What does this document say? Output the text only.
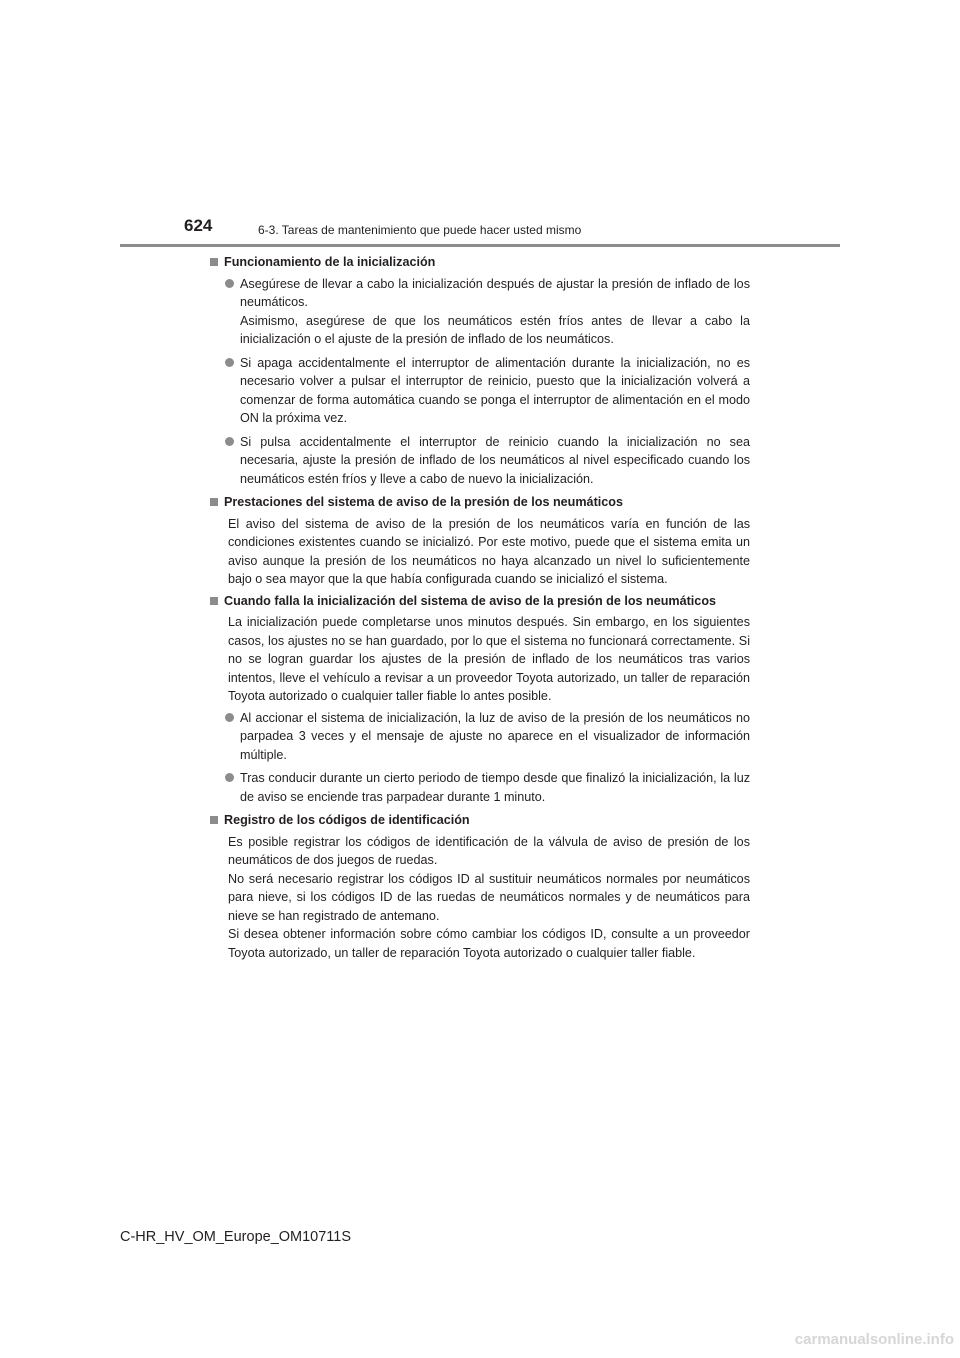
624	6-3. Tareas de mantenimiento que puede hacer usted mismo
Funcionamiento de la inicialización
Asegúrese de llevar a cabo la inicialización después de ajustar la presión de inflado de los neumáticos.
Asimismo, asegúrese de que los neumáticos estén fríos antes de llevar a cabo la inicialización o el ajuste de la presión de inflado de los neumáticos.
Si apaga accidentalmente el interruptor de alimentación durante la inicialización, no es necesario volver a pulsar el interruptor de reinicio, puesto que la inicialización volverá a comenzar de forma automática cuando se ponga el interruptor de alimentación en el modo ON la próxima vez.
Si pulsa accidentalmente el interruptor de reinicio cuando la inicialización no sea necesaria, ajuste la presión de inflado de los neumáticos al nivel especificado cuando los neumáticos estén fríos y lleve a cabo de nuevo la inicialización.
Prestaciones del sistema de aviso de la presión de los neumáticos
El aviso del sistema de aviso de la presión de los neumáticos varía en función de las condiciones existentes cuando se inicializó. Por este motivo, puede que el sistema emita un aviso aunque la presión de los neumáticos no haya alcanzado un nivel lo suficientemente bajo o sea mayor que la que había configurada cuando se inicializó el sistema.
Cuando falla la inicialización del sistema de aviso de la presión de los neumáticos
La inicialización puede completarse unos minutos después. Sin embargo, en los siguientes casos, los ajustes no se han guardado, por lo que el sistema no funcionará correctamente. Si no se logran guardar los ajustes de la presión de inflado de los neumáticos tras varios intentos, lleve el vehículo a revisar a un proveedor Toyota autorizado, un taller de reparación Toyota autorizado o cualquier taller fiable lo antes posible.
Al accionar el sistema de inicialización, la luz de aviso de la presión de los neumáticos no parpadea 3 veces y el mensaje de ajuste no aparece en el visualizador de información múltiple.
Tras conducir durante un cierto periodo de tiempo desde que finalizó la inicialización, la luz de aviso se enciende tras parpadear durante 1 minuto.
Registro de los códigos de identificación
Es posible registrar los códigos de identificación de la válvula de aviso de presión de los neumáticos de dos juegos de ruedas.
No será necesario registrar los códigos ID al sustituir neumáticos normales por neumáticos para nieve, si los códigos ID de las ruedas de neumáticos normales y de neumáticos para nieve se han registrado de antemano.
Si desea obtener información sobre cómo cambiar los códigos ID, consulte a un proveedor Toyota autorizado, un taller de reparación Toyota autorizado o cualquier taller fiable.
C-HR_HV_OM_Europe_OM10711S
carmanualsonline.info
